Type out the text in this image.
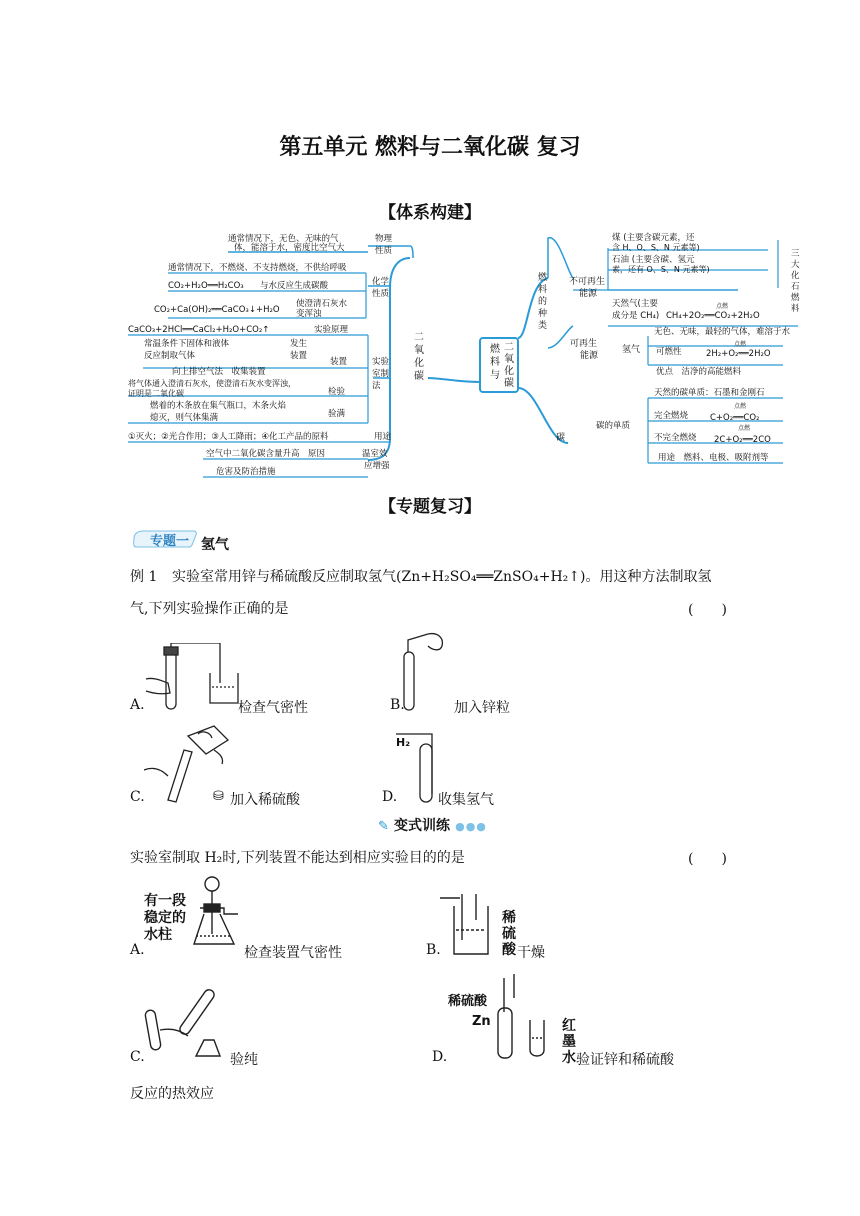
第五单元 燃料与二氧化碳 复习
【体系构建】
燃
料
与
二
氧
化
碳
二
氧
化
碳
通常情况下，无色、无味的气
体，能溶于水，密度比空气大
物理
性质
通常情况下，不燃烧、不支持燃烧，不供给呼吸
CO₂+H₂O══H₂CO₃ 与水反应生成碳酸
CO₂+Ca(OH)₂══CaCO₃↓+H₂O
使澄清石灰水
变浑浊
化学
性质
CaCO₃+2HCl══CaCl₂+H₂O+CO₂↑	实验原理
常温条件下固体和液体
反应制取气体
发生
装置
装置
向上排空气法　收集装置
将气体通入澄清石灰水，使澄清石灰水变浑浊，
证明是二氧化碳	检验
燃着的木条放在集气瓶口，木条火焰
熄灭，则气体集满	验满
实验
室制
法
①灭火；②光合作用；③人工降雨；④化工产品的原料	用途
空气中二氧化碳含量升高　原因
危害及防治措施
温室效
应增强
燃
料
的
种
类
不可再生
能源
煤 (主要含碳元素，还
含 H、O、S、N 元素等)
石油 (主要含碳、氢元
素，还有 O、S、N 元素等)
天然气(主要
成分是 CH₄) CH₄+2O₂══CO₂+2H₂O
点燃
三
大
化
石
燃
料
可再生
能源
氢气
无色、无味，最轻的气体，难溶于水
可燃性	2H₂+O₂══2H₂O
点燃
优点　洁净的高能燃料
碳
碳的单质
天然的碳单质：石墨和金刚石
完全燃烧	C+O₂══CO₂
点燃
不完全燃烧 2C+O₂══2CO
点燃
用途　燃料、电极、吸附剂等
【专题复习】
专题一 氢气
例 1 实验室常用锌与稀硫酸反应制取氢气(Zn+H₂SO₄══ZnSO₄+H₂↑)。用这种方法制取氢
气,下列实验操作正确的是	(　　)
A.	检查气密性	B.	加入锌粒
C.	⛁ 加入稀硫酸
H₂
D.	收集氢气
✎ 变式训练 ●●●
实验室制取 H₂时,下列装置不能达到相应实验目的的是	(　　)
有一段
稳定的
水柱
A.	检查装置气密性
稀
硫
酸
B.	干燥
C.	验纯
稀硫酸
Zn	红
墨
水
D.	验证锌和稀硫酸
反应的热效应
